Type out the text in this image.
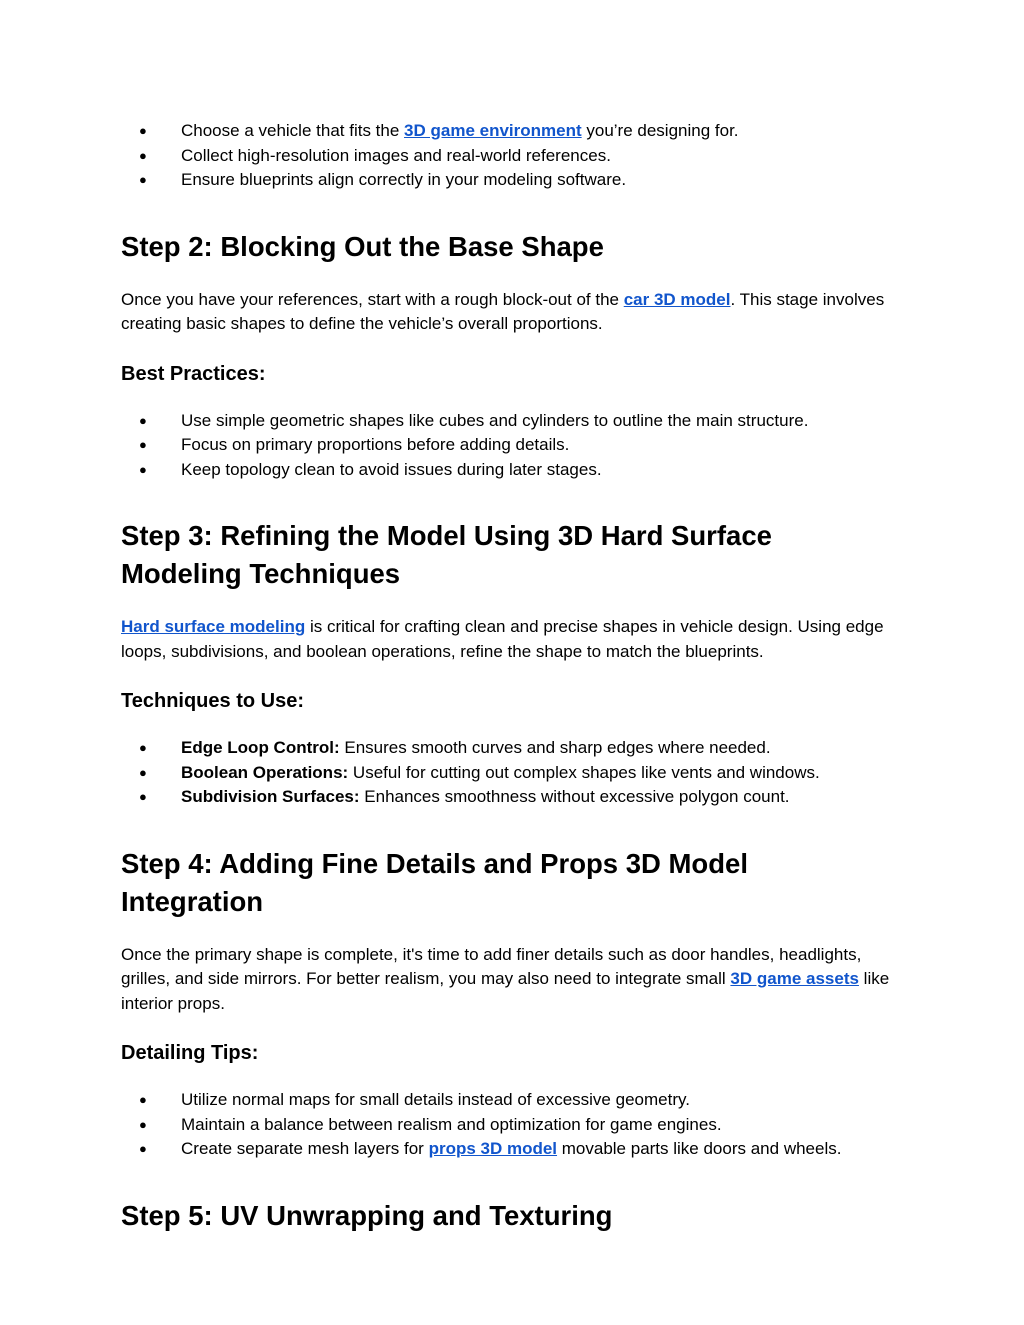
● Choose a vehicle that fits the 3D game environment you’re designing for.
● Collect high-resolution images and real-world references.
● Ensure blueprints align correctly in your modeling software.
Step 2: Blocking Out the Base Shape

Once you have your references, start with a rough block-out of the car 3D model. This stage involves creating basic shapes to define the vehicle’s overall proportions.

Best Practices:
● Use simple geometric shapes like cubes and cylinders to outline the main structure.
● Focus on primary proportions before adding details.
● Keep topology clean to avoid issues during later stages.
Step 3: Refining the Model Using 3D Hard Surface Modeling Techniques

Hard surface modeling is critical for crafting clean and precise shapes in vehicle design. Using edge loops, subdivisions, and boolean operations, refine the shape to match the blueprints.

Techniques to Use:
● Edge Loop Control: Ensures smooth curves and sharp edges where needed.
● Boolean Operations: Useful for cutting out complex shapes like vents and windows.
● Subdivision Surfaces: Enhances smoothness without excessive polygon count.
Step 4: Adding Fine Details and Props 3D Model Integration

Once the primary shape is complete, it's time to add finer details such as door handles, headlights, grilles, and side mirrors. For better realism, you may also need to integrate small 3D game assets like interior props.

Detailing Tips:
● Utilize normal maps for small details instead of excessive geometry.
● Maintain a balance between realism and optimization for game engines.
● Create separate mesh layers for props 3D model movable parts like doors and wheels.
Step 5: UV Unwrapping and Texturing
